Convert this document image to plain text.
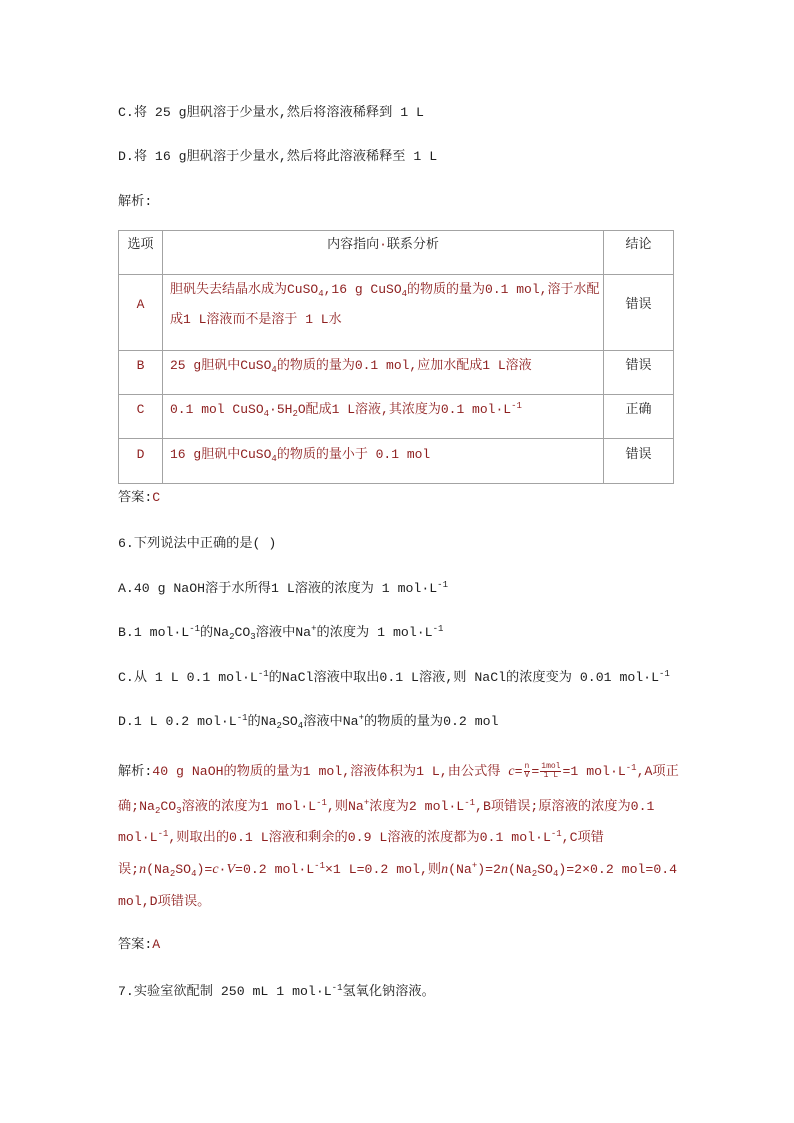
C.将 25 g胆矾溶于少量水,然后将溶液稀释到 1 L
D.将 16 g胆矾溶于少量水,然后将此溶液稀释至 1 L
解析:
选项	内容指向·联系分析	结论
A	胆矾失去结晶水成为CuSO$_4$,16 g CuSO$_4$的物质的量为0.1 mol,溶于水配
成1 L溶液而不是溶于 1 L水	错误
B	25 g胆矾中CuSO$_4$的物质的量为0.1 mol,应加水配成1 L溶液	错误
C	0.1 mol $CuSO_4\cdot 5H_2O$配成1 L溶液,其浓度为0.1 $mol\cdot L^{-1}$	正确
D	16 g胆矾中CuSO$_4$的物质的量小于 0.1 mol	错误
答案:C
6.下列说法中正确的是( )
A.40 g NaOH溶于水所得1 L溶液的浓度为 1 $mol\cdot L^{-1}$
B.1 $mol\cdot L^{-1}$的$Na_2CO_3$溶液中Na+的浓度为 1 $mol\cdot L^{-1}$
C.从 1 L 0.1 $mol\cdot L^{-1}$的NaCl溶液中取出0.1 L溶液,则 NaCl的浓度变为 0.01 $mol\cdot L^{-1}$
D.1 L 0.2 $mol\cdot L^{-1}$的$Na_2SO_4$溶液中Na+的物质的量为0.2 mol
解析:40 g NaOH的物质的量为1 mol,溶液体积为1 L,由公式得 $c= \frac{n}{V} = \frac{\text{1mol}}{1 L} =1$ $mol\cdot L^{-1},A$项正
确$;Na_2CO_3$溶液的浓度为1 $mol\cdot L^{-1}$,则Na+浓度为2 $mol\cdot L^{-1},B$项错误;原溶液的浓度为0.1
$mol\cdot L^{-1}$,则取出的0.1 L溶液和剩余的0.9 L溶液的浓度都为0.1 $mol\cdot L^{-1},C$项错
误$;n(Na_2SO_4)=c\cdot V=0.2$ $mol\cdot L^{-1}\times 1$ L=0.2 mol,则$n(Na^+)=2n(Na_2SO_4)=2\times 0.2$ mol=0.4
mol,D项错误。
答案:A
7.实验室欲配制 250 mL 1 $mol\cdot L^{-1}$氢氧化钠溶液。
